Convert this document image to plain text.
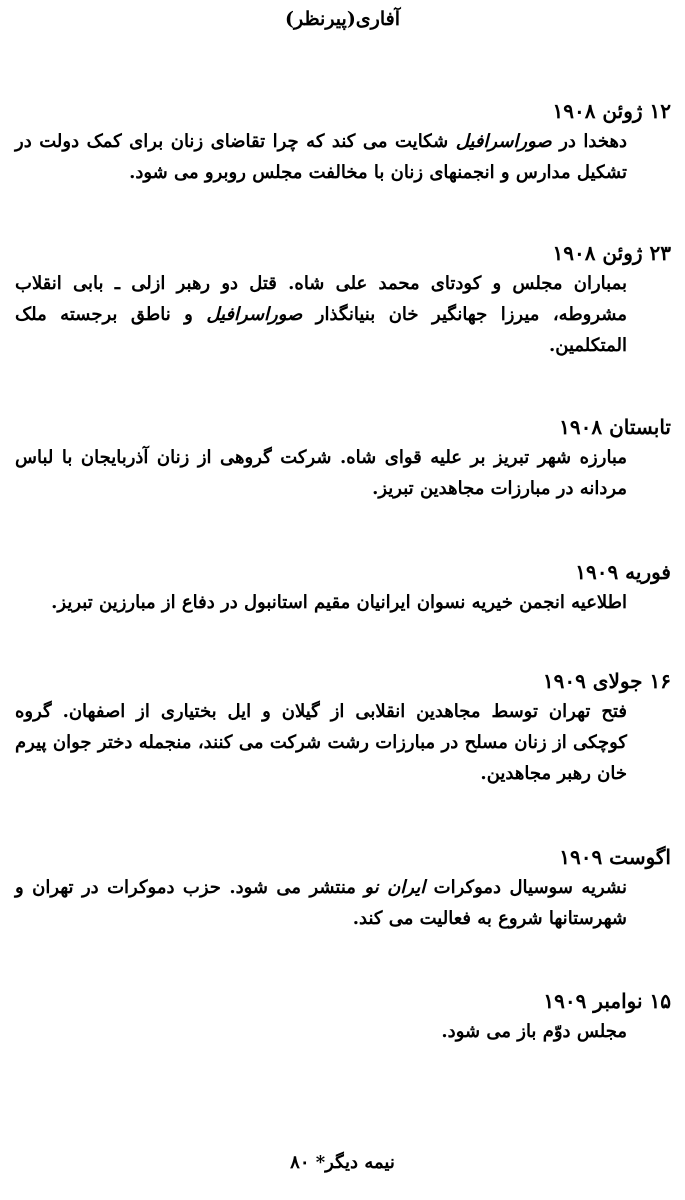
آفاری(پیرنظر)
۱۲ ژوئن ۱۹۰۸

دهخدا در صوراسرافیل شکایت می کند که چرا تقاضای زنان برای کمک دولت در تشکیل مدارس و انجمنهای زنان با مخالفت مجلس روبرو می شود.

۲۳ ژوئن ۱۹۰۸

بمباران مجلس و کودتای محمد علی شاه. قتل دو رهبر ازلی ـ بابی انقلاب مشروطه، میرزا جهانگیر خان بنیانگذار صوراسرافیل و ناطق برجسته ملک المتکلمین.

تابستان ۱۹۰۸

مبارزه شهر تبریز بر علیه قوای شاه. شرکت گروهی از زنان آذربایجان با لباس مردانه در مبارزات مجاهدین تبریز.

فوریه ۱۹۰۹

اطلاعیه انجمن خیریه نسوان ایرانیان مقیم استانبول در دفاع از مبارزین تبریز.

۱۶ جولای ۱۹۰۹

فتح تهران توسط مجاهدین انقلابی از گیلان و ایل بختیاری از اصفهان. گروه کوچکی از زنان مسلح در مبارزات رشت شرکت می کنند، منجمله دختر جوان پیرم خان رهبر مجاهدین.

اگوست ۱۹۰۹

نشریه سوسیال دموکرات ایران نو منتشر می شود. حزب دموکرات در تهران و شهرستانها شروع به فعالیت می کند.

۱۵ نوامبر ۱۹۰۹

مجلس دوّم باز می شود.

نیمه دیگر* ۸۰
